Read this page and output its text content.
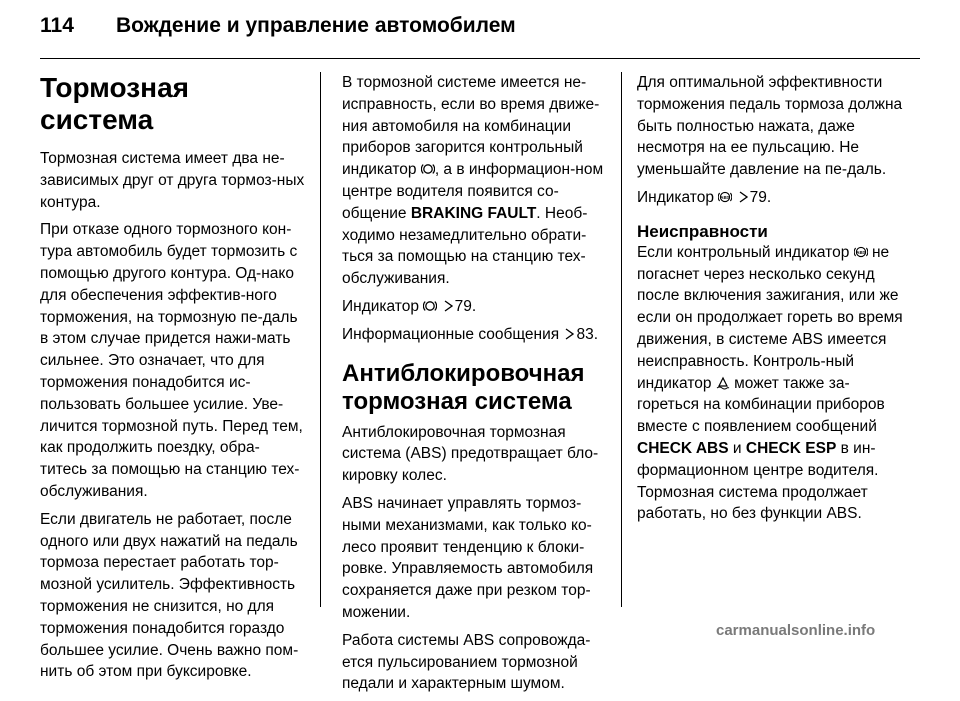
114 Вождение и управление автомобилем
Тормозная система

Тормозная система имеет два не-зависимых друг от друга тормоз-ных контура.

При отказе одного тормозного кон-тура автомобиль будет тормозить с помощью другого контура. Од-нако для обеспечения эффектив-ного торможения, на тормозную пе-даль в этом случае придется нажи-мать сильнее. Это означает, что для торможения понадобится ис-пользовать большее усилие. Уве-личится тормозной путь. Перед тем, как продолжить поездку, обра-титесь за помощью на станцию тех-обслуживания.

Если двигатель не работает, после одного или двух нажатий на педаль тормоза перестает работать тор-мозной усилитель. Эффективность торможения не снизится, но для торможения понадобится гораздо большее усилие. Очень важно пом-нить об этом при буксировке.

В тормозной системе имеется не-исправность, если во время движе-ния автомобиля на комбинации приборов загорится контрольный индикатор , а в информацион-ном центре водителя появится со-общение BRAKING FAULT. Необ-ходимо незамедлительно обрати-ться за помощью на станцию тех-обслуживания.

Индикатор 79.

Информационные сообщения 83.

Антиблокировочная тормозная система

Антиблокировочная тормозная система (ABS) предотвращает бло-кировку колес.

ABS начинает управлять тормоз-ными механизмами, как только ко-лесо проявит тенденцию к блоки-ровке. Управляемость автомобиля сохраняется даже при резком тор-можении.

Работа системы ABS сопровожда-ется пульсированием тормозной педали и характерным шумом.

Для оптимальной эффективности торможения педаль тормоза должна быть полностью нажата, даже несмотря на ее пульсацию. Не уменьшайте давление на пе-даль.

Индикатор ABS 79.

Неисправности

Если контрольный индикатор ABS не погаснет через несколько секунд после включения зажигания, или же если он продолжает гореть во время движения, в системе ABS имеется неисправность. Контроль-ный индикатор может также за-гореться на комбинации приборов вместе с появлением сообщений CHECK ABS и CHECK ESP в ин-формационном центре водителя. Тормозная система продолжает работать, но без функции ABS.

carmanualsonline.info
